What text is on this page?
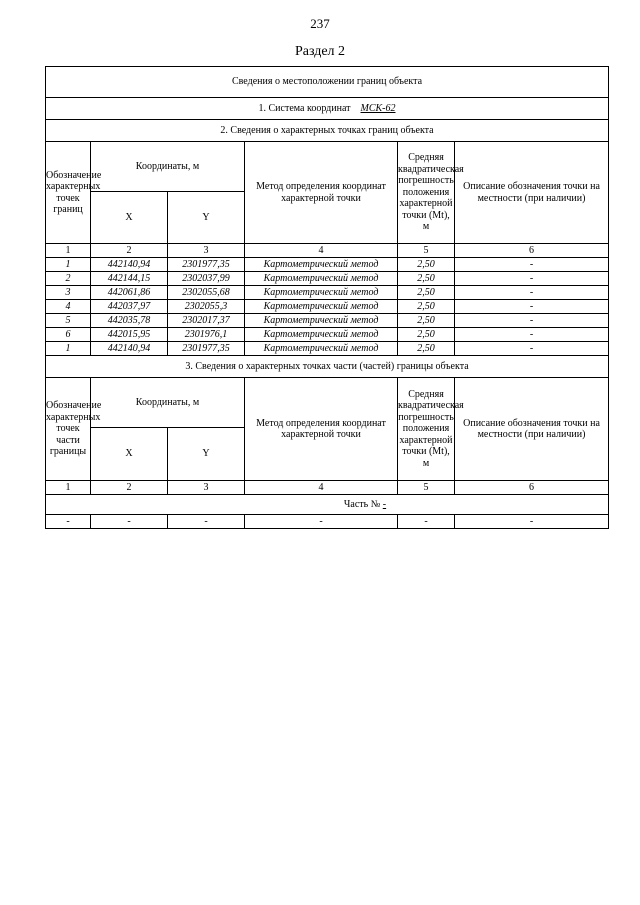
237
Раздел 2
Сведения о местоположении границ объекта					
1. Система координат МСК-62					
2. Сведения о характерных точках границ объекта					
Обозначение характерных точек границ	Координаты, м		Метод определения координат характерной точки	Средняя квадратическая погрешность положения характерной точки (Mt), м	Описание обозначения точки на местности (при наличии)
	X	Y			
1	2	3	4	5	6
1	442140,94	2301977,35	Картометрический метод	2,50	-
2	442144,15	2302037,99	Картометрический метод	2,50	-
3	442061,86	2302055,68	Картометрический метод	2,50	-
4	442037,97	2302055,3	Картометрический метод	2,50	-
5	442035,78	2302017,37	Картометрический метод	2,50	-
6	442015,95	2301976,1	Картометрический метод	2,50	-
1	442140,94	2301977,35	Картометрический метод	2,50	-
3. Сведения о характерных точках части (частей) границы объекта					
Обозначение характерных точек части границы	Координаты, м		Метод определения координат характерной точки	Средняя квадратическая погрешность положения характерной точки (Mt), м	Описание обозначения точки на местности (при наличии)
	X	Y			
1	2	3	4	5	6
Часть № -					
-	-	-	-	-	-
